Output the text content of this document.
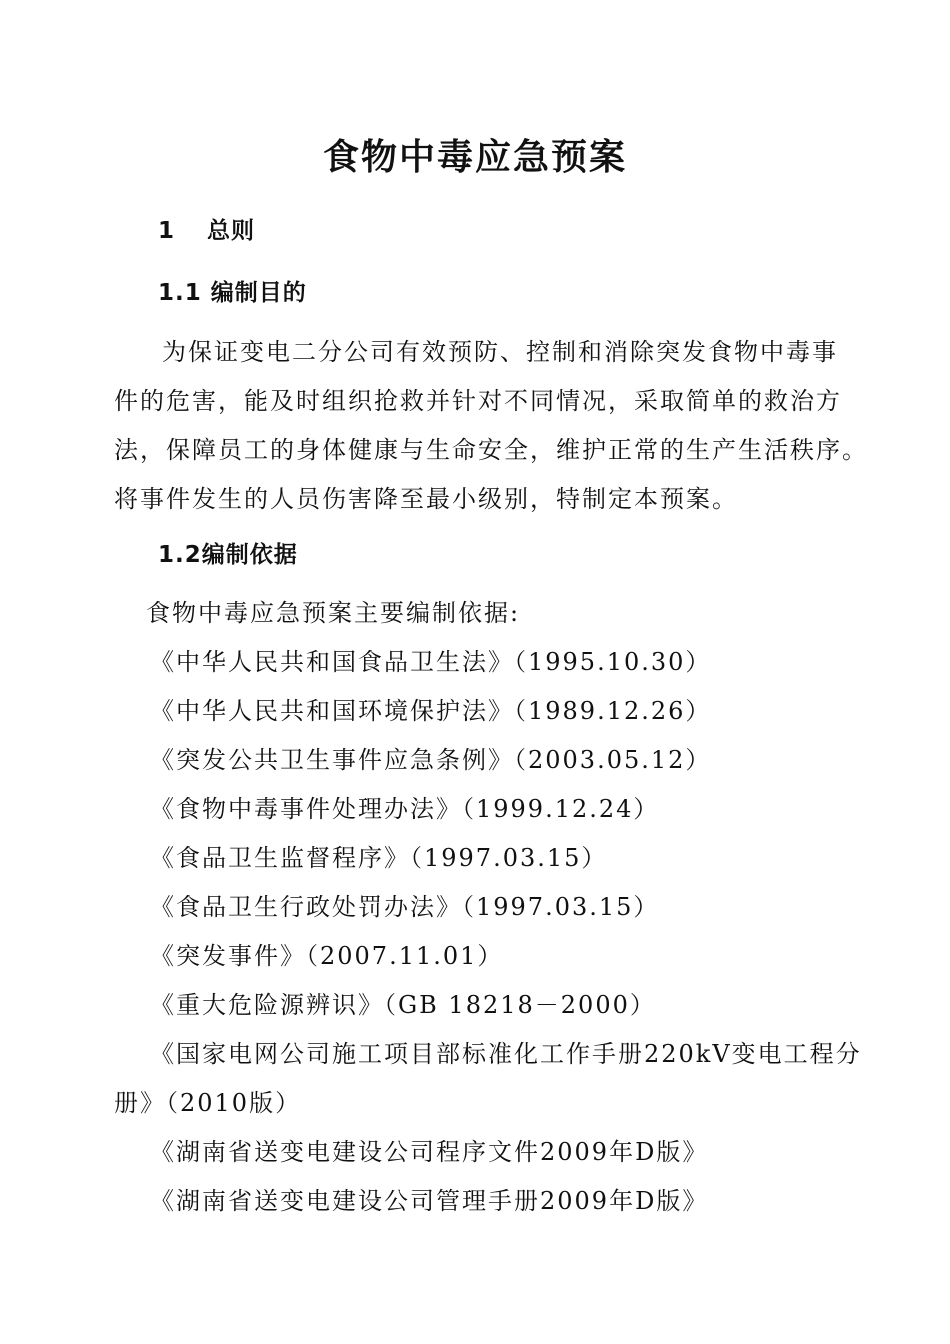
食物中毒应急预案
1 总则
1.1 编制目的
为保证变电二分公司有效预防、控制和消除突发食物中毒事
件的危害，能及时组织抢救并针对不同情况，采取简单的救治方
法，保障员工的身体健康与生命安全，维护正常的生产生活秩序。
将事件发生的人员伤害降至最小级别，特制定本预案。
1.2编制依据
食物中毒应急预案主要编制依据:
《中华人民共和国食品卫生法》（1995.10.30）
《中华人民共和国环境保护法》（1989.12.26）
《突发公共卫生事件应急条例》（2003.05.12）
《食物中毒事件处理办法》（1999.12.24）
《食品卫生监督程序》（1997.03.15）
《食品卫生行政处罚办法》（1997.03.15）
《突发事件》（2007.11.01）
《重大危险源辨识》（GB 18218－2000）
《国家电网公司施工项目部标准化工作手册220kV变电工程分
册》（2010版）
《湖南省送变电建设公司程序文件2009年D版》
《湖南省送变电建设公司管理手册2009年D版》
